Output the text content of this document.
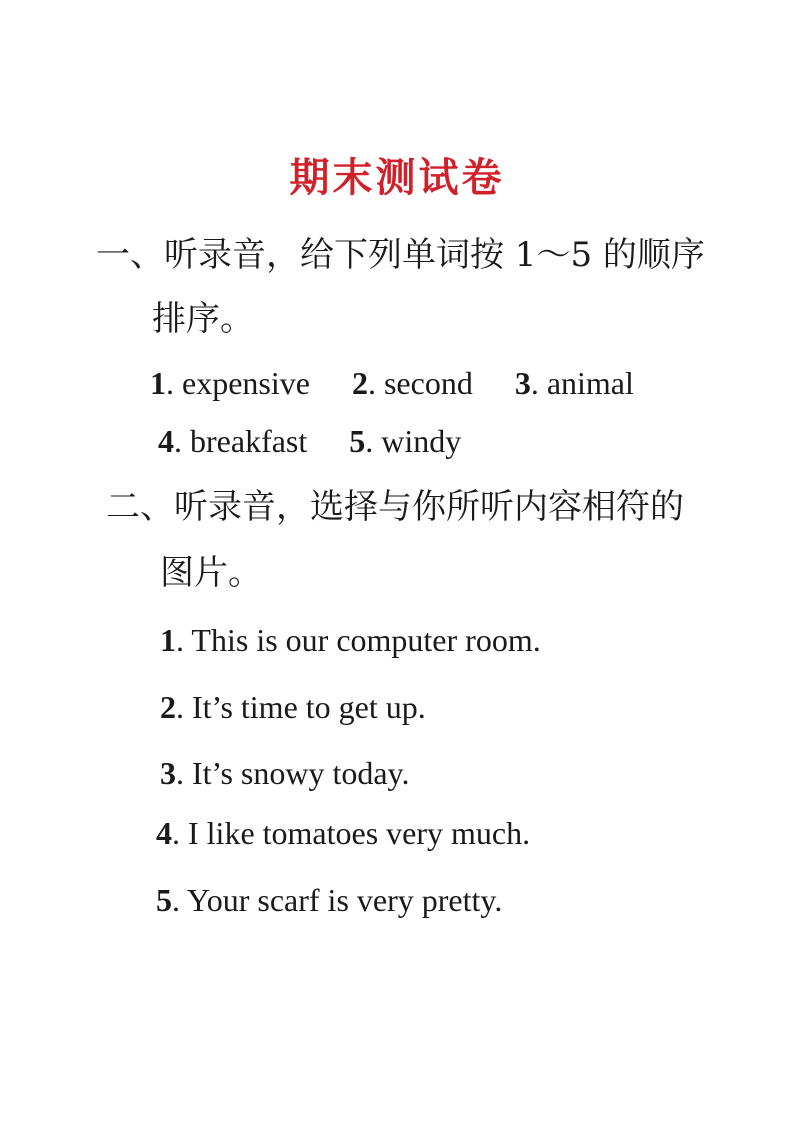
期末测试卷
一、听录音，给下列单词按 1～5 的顺序
排序。
1. expensive 2. second 3. animal
4. breakfast 5. windy
二、听录音，选择与你所听内容相符的
图片。
1. This is our computer room.
2. It’s time to get up.
3. It’s snowy today.
4. I like tomatoes very much.
5. Your scarf is very pretty.
